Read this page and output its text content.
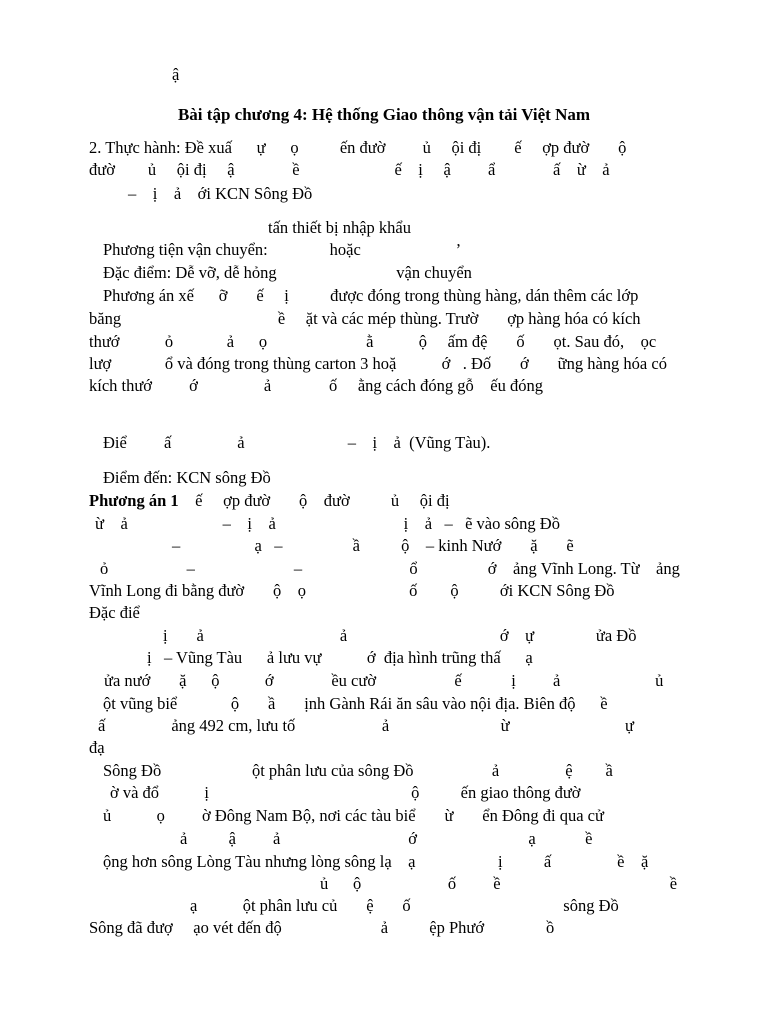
ậ
Bài tập chương 4: Hệ thống Giao thông vận tải Việt Nam
2. Thực hành: Đề xuấ      ự      ọ          ến đườ         ủ     ội đị        ế     ợp đườ       ộ
đườ        ủ     ội đị     ậ              ề                       ế    ị     ậ         ẩ              ấ    ừ    ả
–    ị    ả    ới KCN Sông Đồ
tấn thiết bị nhập khẩu
Phương tiện vận chuyển:               hoặc                       ’
Đặc điểm: Dễ vỡ, dễ hỏng                             vận chuyển
Phương án xế      ỡ       ế     ị          được đóng trong thùng hàng, dán thêm các lớp
băng                                      ề     ặt và các mép thùng. Trườ       ợp hàng hóa có kích
thướ           ỏ             ả      ọ                        ằ           ộ     ấm đệ       ố       ọt. Sau đó,    ọc
lượ             ổ và đóng trong thùng carton 3 hoặ           ớ   . Đố       ớ       ững hàng hóa có
kích thướ         ớ                ả              ố     ằng cách đóng gỗ    ếu đóng
Điể         ấ                ả                         –    ị    ả  (Vũng Tàu).
Điểm đến: KCN sông Đồ
Phương án 1    ế     ợp đườ       ộ    đườ          ủ     ội đị
ừ    ả                       –    ị    ả                               ị    ả   –   ẽ vào sông Đồ
–                  ạ   –                 ầ          ộ    – kinh Nướ       ặ       ẽ
ỏ                   –                        –                          ổ                 ớ    ảng Vĩnh Long. Từ    ảng
Vĩnh Long đi bằng đườ       ộ    ọ                         ố        ộ          ới KCN Sông Đồ
Đặc điể
ị       ả                                 ả                                     ớ    ự               ửa Đồ
ị   – Vũng Tàu      ả lưu vự           ớ  địa hình trũng thấ      ạ
ửa nướ       ặ      ộ           ớ              ều cườ                   ế            ị         ả                       ủ
ột vũng biể             ộ       ầ       ịnh Gành Rái ăn sâu vào nội địa. Biên độ      ề
ấ                ảng 492 cm, lưu tố                     ả                           ừ                            ự
đạ
Sông Đồ                      ột phân lưu của sông Đồ                   ả                ệ        ầ
ờ và đổ           ị                                                 ộ          ến giao thông đườ
ủ           ọ         ờ Đông Nam Bộ, nơi các tàu biể       ừ       ển Đông đi qua cử
ả          ậ         ả                               ớ                           ạ            ề
ộng hơn sông Lòng Tàu nhưng lòng sông lạ    ạ                    ị          ấ                ề    ặ
ủ      ộ                     ố         ề                                         ề
ạ           ột phân lưu củ       ệ       ố                                     sông Đồ
Sông đã đượ     ạo vét đến độ                        ả          ệp Phướ               ồ
